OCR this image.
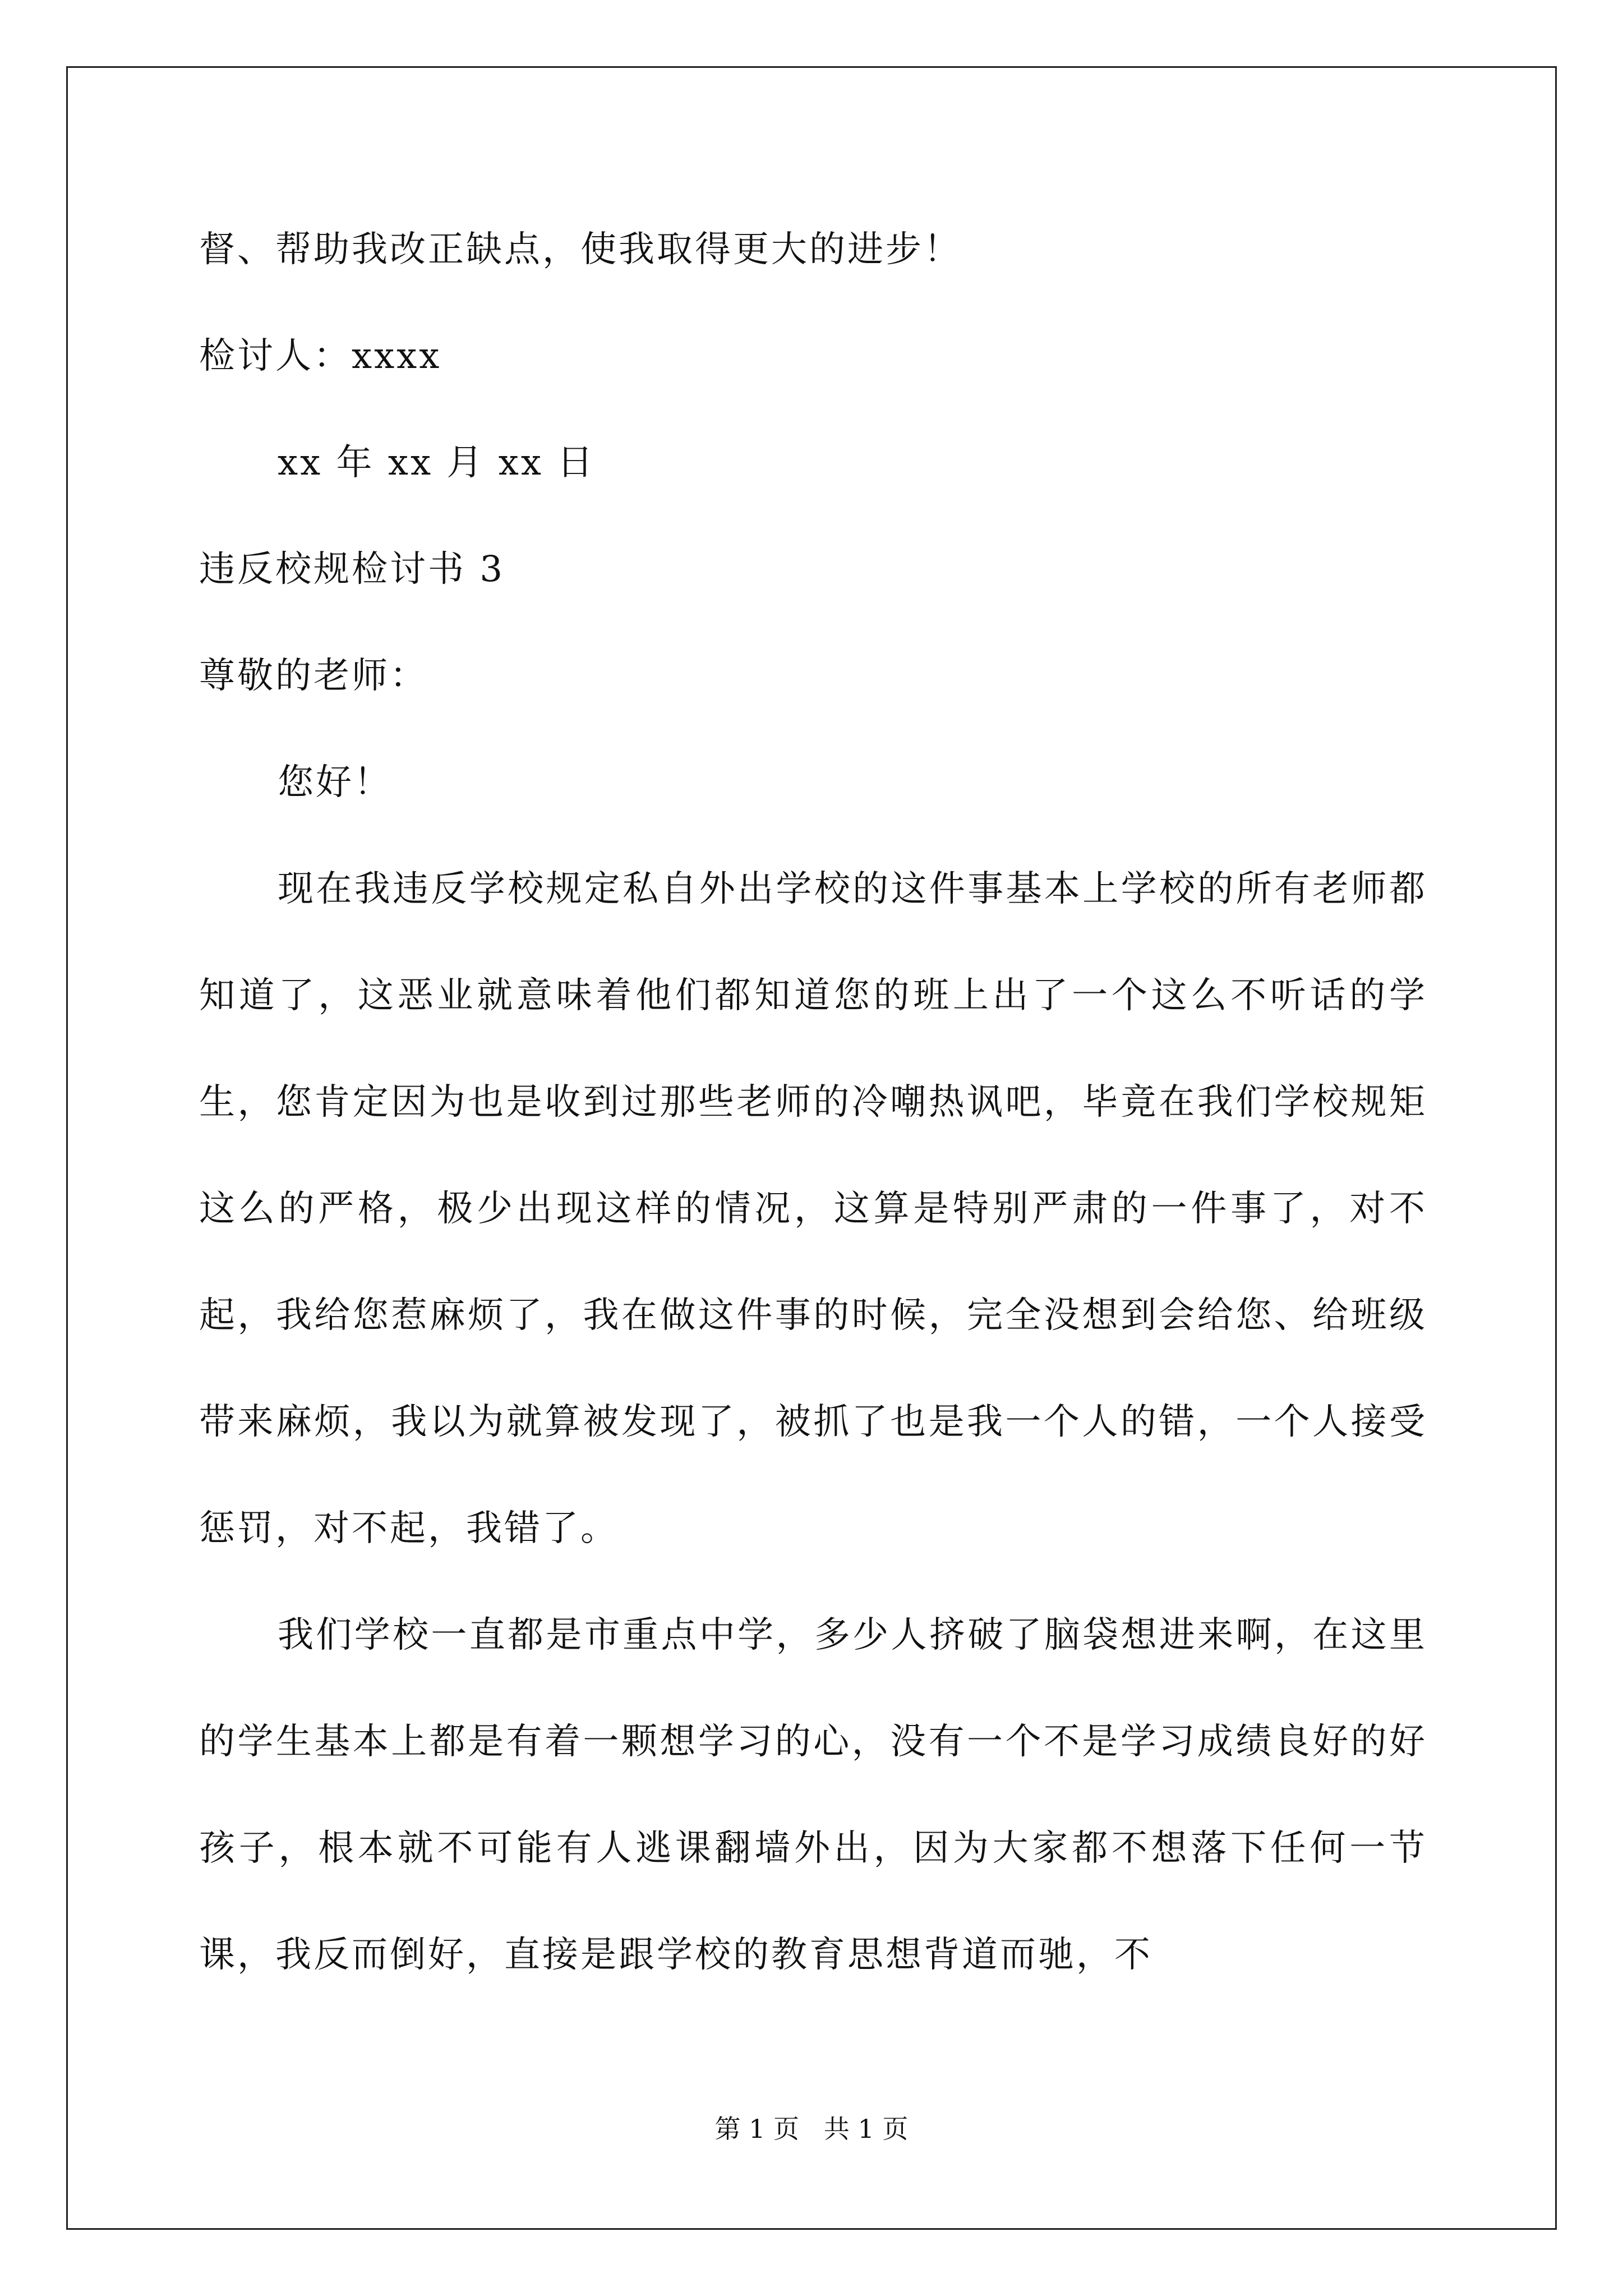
督、帮助我改正缺点，使我取得更大的进步！
检讨人：xxxx
xx 年 xx 月 xx 日
违反校规检讨书 3
尊敬的老师：
您好！

现在我违反学校规定私自外出学校的这件事基本上学校的所有老师都知道了，这恶业就意味着他们都知道您的班上出了一个这么不听话的学生，您肯定因为也是收到过那些老师的冷嘲热讽吧，毕竟在我们学校规矩这么的严格，极少出现这样的情况，这算是特别严肃的一件事了，对不起，我给您惹麻烦了，我在做这件事的时候，完全没想到会给您、给班级带来麻烦，我以为就算被发现了，被抓了也是我一个人的错，一个人接受惩罚，对不起，我错了。

我们学校一直都是市重点中学，多少人挤破了脑袋想进来啊，在这里的学生基本上都是有着一颗想学习的心，没有一个不是学习成绩良好的好孩子，根本就不可能有人逃课翻墙外出，因为大家都不想落下任何一节课，我反而倒好，直接是跟学校的教育思想背道而驰，不

第 1 页   共 1 页
